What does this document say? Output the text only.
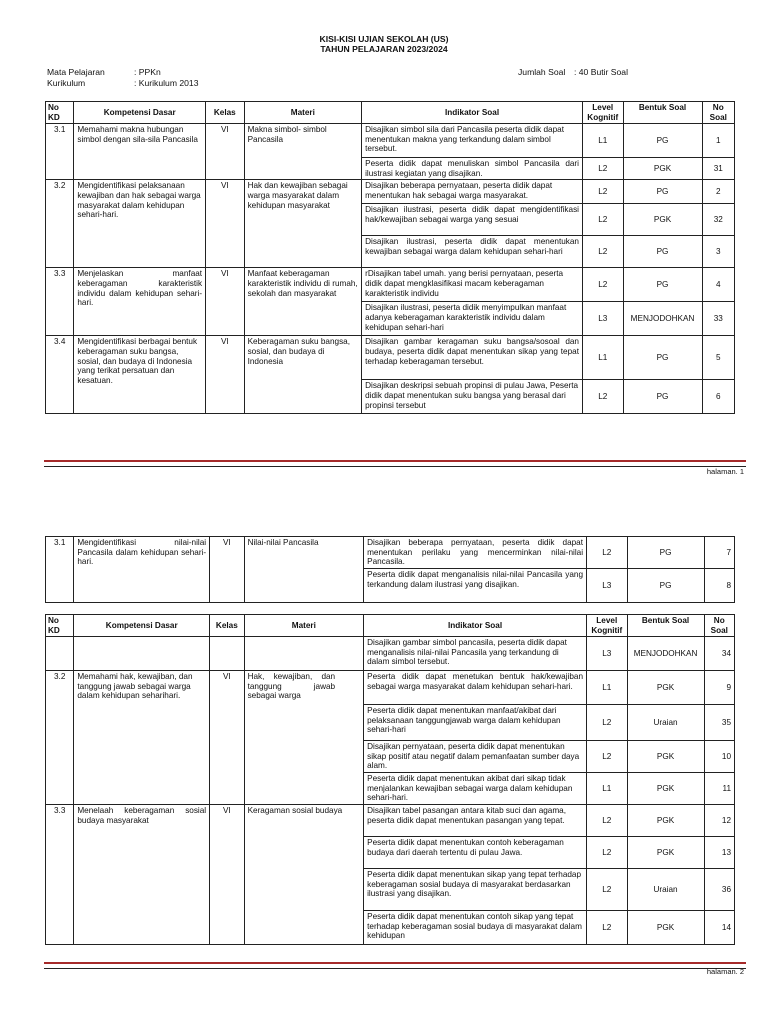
KISI-KISI UJIAN SEKOLAH (US)
TAHUN PELAJARAN 2023/2024
Mata Pelajaran	: PPKn
Kurikulum	: Kurikulum 2013
Jumlah Soal : 40 Butir Soal
No KD	Kompetensi Dasar	Kelas	Materi	Indikator Soal	Level Kognitif	Bentuk Soal	No Soal
3.1	Memahami makna hubungan simbol dengan sila-sila Pancasila	VI	Makna simbol- simbol Pancasila	Disajikan simbol sila dari Pancasila peserta didik dapat menentukan makna yang terkandung dalam simbol tersebut.	L1	PG	1
				Peserta didik dapat menuliskan simbol Pancasila dari ilustrasi kegiatan yang disajikan.	L2	PGK	31
3.2	Mengidentifikasi pelaksanaan kewajiban dan hak sebagai warga masyarakat dalam kehidupan sehari-hari.	VI	Hak dan kewajiban sebagai warga masyarakat dalam kehidupan masyarakat	Disajikan beberapa pernyataan, peserta didik dapat menentukan hak sebagai warga masyarakat.	L2	PG	2
				Disajikan ilustrasi, peserta didik dapat mengidentifikasi hak/kewajiban sebagai warga yang sesuai	L2	PGK	32
				Disajikan ilustrasi, peserta didik dapat menentukan kewajiban sebagai warga dalam kehidupan sehari-hari	L2	PG	3
3.3	Menjelaskan manfaat keberagaman karakteristik individu dalam kehidupan sehari-hari.	VI	Manfaat keberagaman karakteristik individu di rumah, sekolah dan masyarakat	rDisajikan tabel umah. yang berisi pernyataan, peserta didik dapat mengklasifikasi macam keberagaman karakteristik individu	L2	PG	4
				Disajikan ilustrasi, peserta didik menyimpulkan manfaat adanya keberagaman karakteristik individu dalam kehidupan sehari-hari	L3	MENJODOHKAN	33
3.4	Mengidentifikasi berbagai bentuk keberagaman suku bangsa, sosial, dan budaya di Indonesia yang terikat persatuan dan kesatuan.	VI	Keberagaman suku bangsa, sosial, dan budaya di Indonesia	Disajikan gambar keragaman suku bangsa/sosoal dan budaya, peserta didik dapat menentukan sikap yang tepat terhadap keberagaman tersebut.	L1	PG	5
				Disajikan deskripsi sebuah propinsi di pulau Jawa, Peserta didik dapat menentukan suku bangsa yang berasal dari propinsi tersebut	L2	PG	6
halaman. 1
3.1	Mengidentifikasi nilai-nilai Pancasila dalam kehidupan sehari-hari.	VI	Nilai-nilai Pancasila	Disajikan beberapa pernyataan, peserta didik dapat menentukan perilaku yang mencerminkan nilai-nilai Pancasila.	L2	PG	7
				Peserta didik dapat menganalisis nilai-nilai Pancasila yang terkandung dalam ilustrasi yang disajikan.	L3	PG	8
No KD	Kompetensi Dasar	Kelas	Materi	Indikator Soal	Level Kognitif	Bentuk Soal	No Soal
				Disajikan gambar simbol pancasila, peserta didik dapat menganalisis nilai-nilai Pancasila yang terkandung di dalam simbol tersebut.	L3	MENJODOHKAN	34
3.2	Memahami hak, kewajiban, dan tanggung jawab sebagai warga dalam kehidupan seharihari.	VI	Hak, kewajiban, dan tanggung jawab sebagai warga	Peserta didik dapat menetukan bentuk hak/kewajiban sebagai warga masyarakat dalam kehidupan sehari-hari.	L1	PGK	9
				Peserta didik dapat menentukan manfaat/akibat dari pelaksanaan tanggungjawab warga dalam kehidupan sehari-hari	L2	Uraian	35
				Disajikan pernyataan, peserta didik dapat menentukan sikap positif atau negatif dalam pemanfaatan sumber daya alam.	L2	PGK	10
				Peserta didik dapat menentukan akibat dari sikap tidak menjalankan kewajiban sebagai warga dalam kehidupan sehari-hari.	L1	PGK	11
3.3	Menelaah keberagaman sosial budaya masyarakat	VI	Keragaman sosial budaya	Disajikan tabel pasangan antara kitab suci dan agama, peserta didik dapat menentukan pasangan yang tepat.	L2	PGK	12
				Peserta didik dapat menentukan contoh keberagaman budaya dari daerah tertentu di pulau Jawa.	L2	PGK	13
				Peserta didik dapat menentukan sikap yang tepat terhadap keberagaman sosial budaya di masyarakat berdasarkan ilustrasi yang disajikan.	L2	Uraian	36
				Peserta didik dapat menentukan contoh sikap yang tepat terhadap keberagaman sosial budaya di masyarakat dalam kehidupan	L2	PGK	14
halaman. 2
